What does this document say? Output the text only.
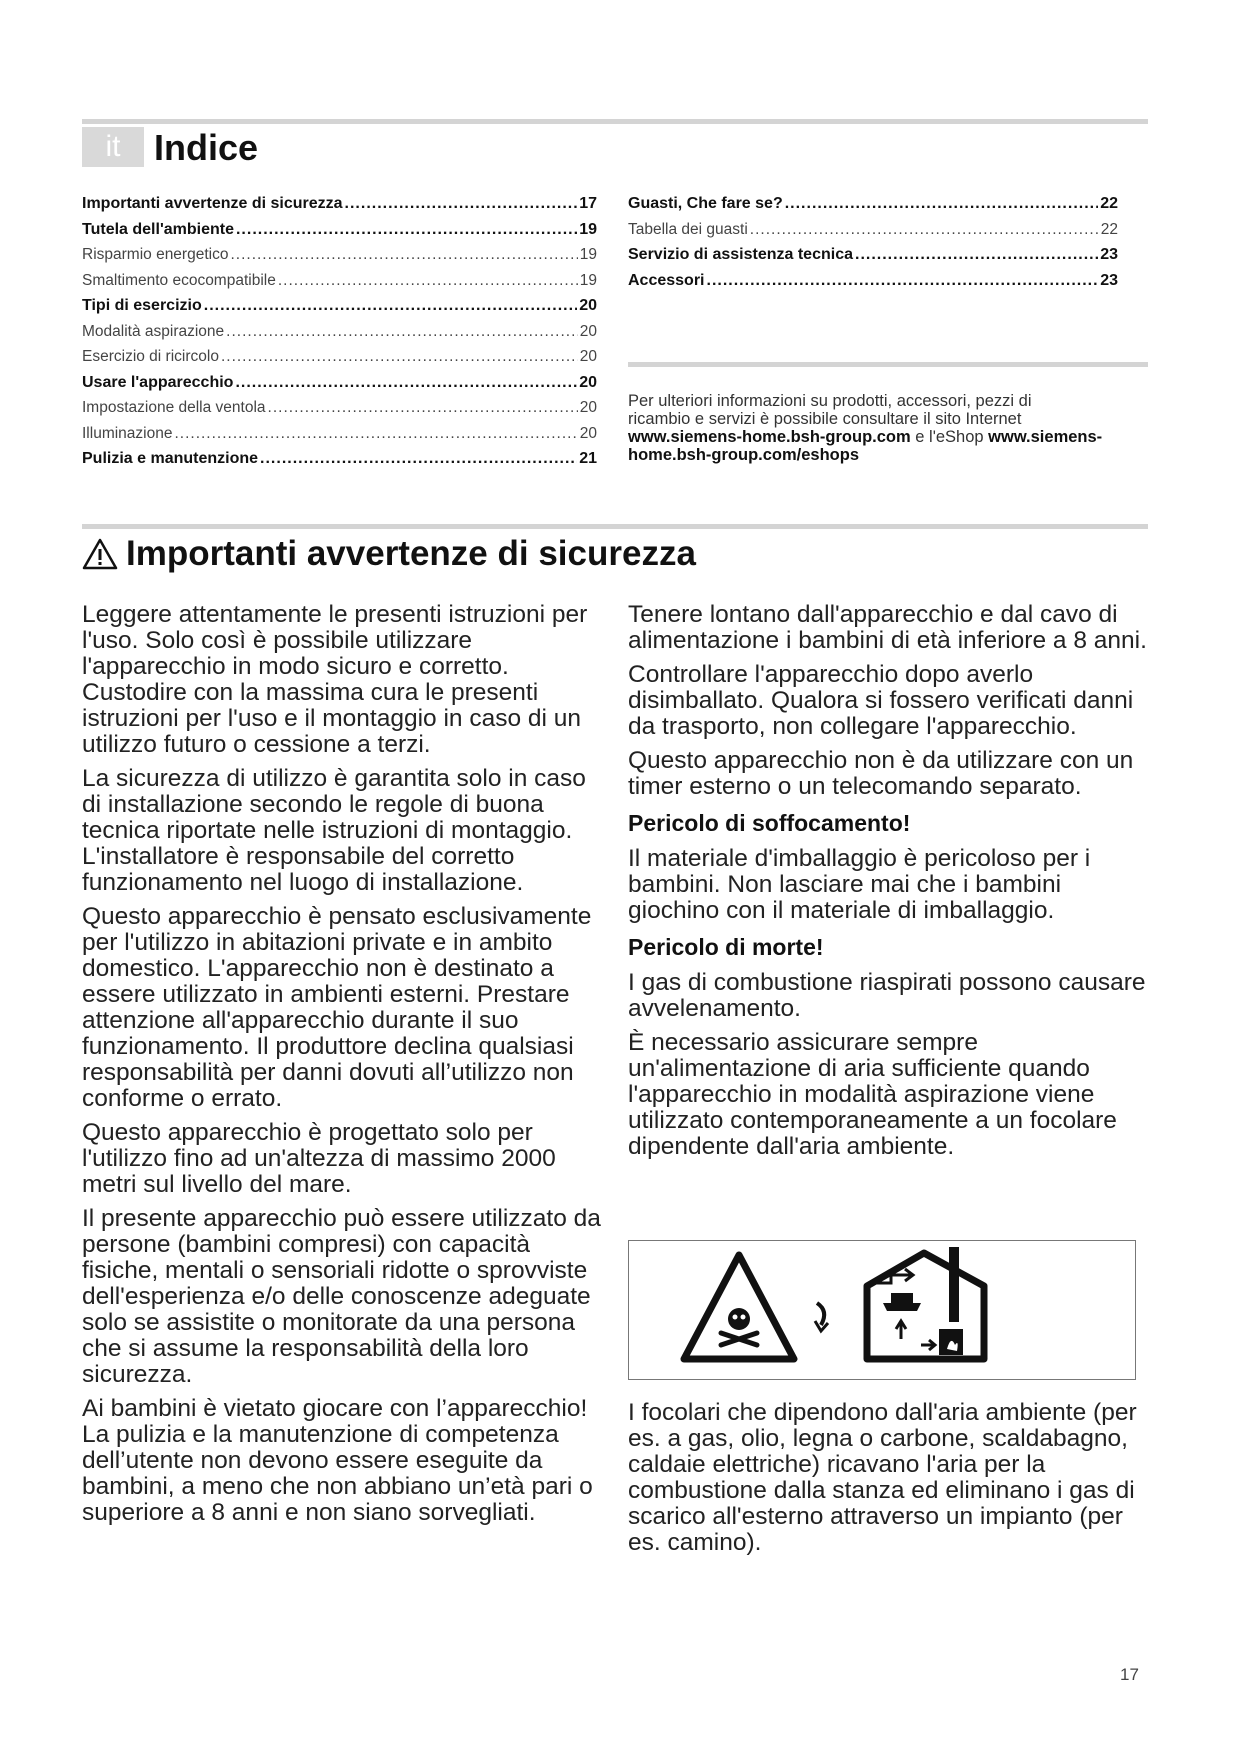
it Indice
Importanti avvertenze di sicurezza .....	17
Tutela dell'ambiente .....	19
Risparmio energetico .....	19
Smaltimento ecocompatibile .....	19
Tipi di esercizio .....	20
Modalità aspirazione .....	20
Esercizio di ricircolo .....	20
Usare l'apparecchio .....	20
Impostazione della ventola .....	20
Illuminazione .....	20
Pulizia e manutenzione .....	21
Guasti, Che fare se? .....	22
Tabella dei guasti .....	22
Servizio di assistenza tecnica .....	23
Accessori .....	23
Per ulteriori informazioni su prodotti, accessori, pezzi di
ricambio e servizi è possibile consultare il sito Internet
www.siemens-home.bsh-group.com e l'eShop www.siemens-
home.bsh-group.com/eshops
Importanti avvertenze di sicurezza

Leggere attentamente le presenti istruzioni per l'uso. Solo così è possibile utilizzare l'apparecchio in modo sicuro e corretto. Custodire con la massima cura le presenti istruzioni per l'uso e il montaggio in caso di un utilizzo futuro o cessione a terzi.

La sicurezza di utilizzo è garantita solo in caso di installazione secondo le regole di buona tecnica riportate nelle istruzioni di montaggio. L'installatore è responsabile del corretto funzionamento nel luogo di installazione.

Questo apparecchio è pensato esclusivamente per l'utilizzo in abitazioni private e in ambito domestico. L'apparecchio non è destinato a essere utilizzato in ambienti esterni. Prestare attenzione all'apparecchio durante il suo funzionamento. Il produttore declina qualsiasi responsabilità per danni dovuti all’utilizzo non conforme o errato.

Questo apparecchio è progettato solo per l'utilizzo fino ad un'altezza di massimo 2000 metri sul livello del mare.

Il presente apparecchio può essere utilizzato da persone (bambini compresi) con capacità fisiche, mentali o sensoriali ridotte o sprovviste dell'esperienza e/o delle conoscenze adeguate solo se assistite o monitorate da una persona che si assume la responsabilità della loro sicurezza.

Ai bambini è vietato giocare con l’apparecchio! La pulizia e la manutenzione di competenza dell’utente non devono essere eseguite da bambini, a meno che non abbiano un’età pari o superiore a 8 anni e non siano sorvegliati.

Tenere lontano dall'apparecchio e dal cavo di alimentazione i bambini di età inferiore a 8 anni.

Controllare l'apparecchio dopo averlo disimballato. Qualora si fossero verificati danni da trasporto, non collegare l'apparecchio.

Questo apparecchio non è da utilizzare con un timer esterno o un telecomando separato.

Pericolo di soffocamento!

Il materiale d'imballaggio è pericoloso per i bambini. Non lasciare mai che i bambini giochino con il materiale di imballaggio.

Pericolo di morte!

I gas di combustione riaspirati possono causare avvelenamento.

È necessario assicurare sempre un'alimentazione di aria sufficiente quando l'apparecchio in modalità aspirazione viene utilizzato contemporaneamente a un focolare dipendente dall'aria ambiente.

I focolari che dipendono dall'aria ambiente (per es. a gas, olio, legna o carbone, scaldabagno, caldaie elettriche) ricavano l'aria per la combustione dalla stanza ed eliminano i gas di scarico all'esterno attraverso un impianto (per es. camino).

17
